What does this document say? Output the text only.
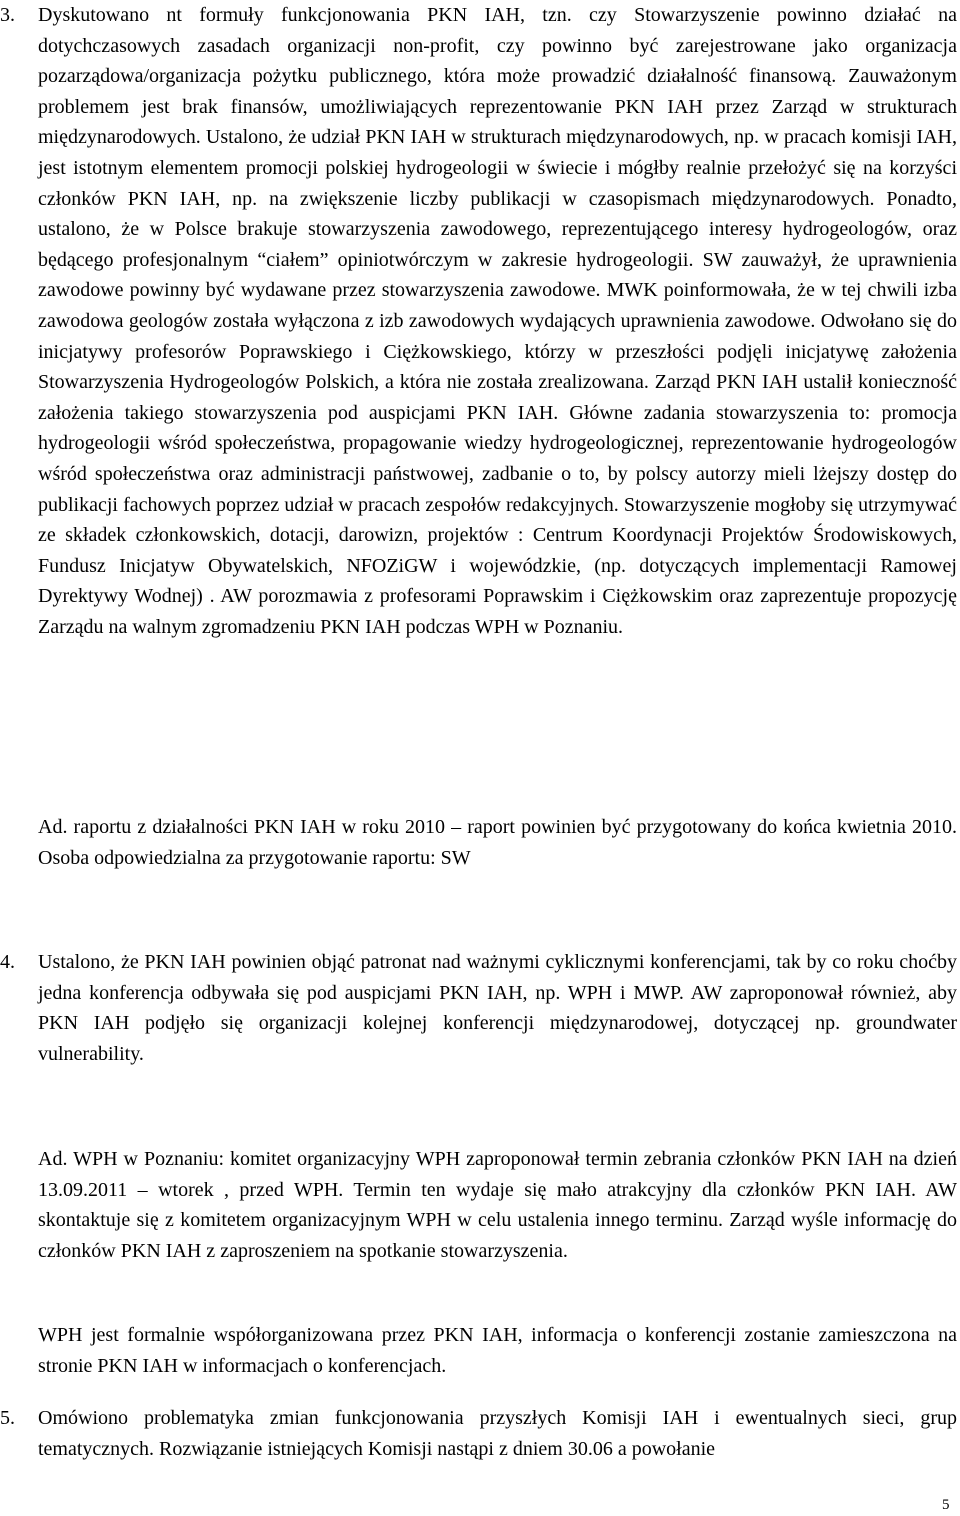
3.	Dyskutowano nt formuły funkcjonowania PKN IAH, tzn. czy Stowarzyszenie powinno działać na dotychczasowych zasadach organizacji non-profit, czy powinno być zarejestrowane jako organizacja pozarządowa/organizacja pożytku publicznego, która może prowadzić działalność finansową. Zauważonym problemem jest brak finansów, umożliwiających reprezentowanie PKN IAH przez Zarząd w strukturach międzynarodowych. Ustalono, że udział PKN IAH w strukturach międzynarodowych, np. w pracach komisji IAH, jest istotnym elementem promocji polskiej hydrogeologii w świecie i mógłby realnie przełożyć się na korzyści członków PKN IAH, np. na zwiększenie liczby publikacji w czasopismach międzynarodowych. Ponadto, ustalono, że w Polsce brakuje stowarzyszenia zawodowego, reprezentującego interesy hydrogeologów, oraz będącego profesjonalnym “ciałem” opiniotwórczym w zakresie hydrogeologii. SW zauważył, że uprawnienia zawodowe powinny być wydawane przez stowarzyszenia zawodowe. MWK poinformowała, że w tej chwili izba zawodowa geologów została wyłączona z izb zawodowych wydających uprawnienia zawodowe. Odwołano się do inicjatywy profesorów Poprawskiego i Ciężkowskiego, którzy w przeszłości podjęli inicjatywę założenia Stowarzyszenia Hydrogeologów Polskich, a która nie została zrealizowana. Zarząd PKN IAH ustalił konieczność założenia takiego stowarzyszenia pod auspicjami PKN IAH. Główne zadania stowarzyszenia to: promocja hydrogeologii wśród społeczeństwa, propagowanie wiedzy hydrogeologicznej, reprezentowanie hydrogeologów wśród społeczeństwa oraz administracji państwowej, zadbanie o to, by polscy autorzy mieli lżejszy dostęp do publikacji fachowych poprzez udział w pracach zespołów redakcyjnych. Stowarzyszenie mogłoby się utrzymywać ze składek członkowskich, dotacji, darowizn, projektów : Centrum Koordynacji Projektów Środowiskowych, Fundusz Inicjatyw Obywatelskich, NFOZiGW i wojewódzkie, (np. dotyczących implementacji Ramowej Dyrektywy Wodnej) . AW porozmawia z profesorami Poprawskim i Ciężkowskim oraz zaprezentuje propozycję Zarządu na walnym zgromadzeniu PKN IAH podczas WPH w Poznaniu.

Ad. raportu z działalności PKN IAH w roku 2010 – raport powinien być przygotowany do końca kwietnia 2010. Osoba odpowiedzialna za przygotowanie raportu: SW

4.	Ustalono, że PKN IAH powinien objąć patronat nad ważnymi cyklicznymi konferencjami, tak by co roku choćby jedna konferencja odbywała się pod auspicjami PKN IAH, np. WPH i MWP. AW zaproponował również, aby PKN IAH podjęło się organizacji kolejnej konferencji międzynarodowej, dotyczącej np. groundwater vulnerability.

Ad. WPH w Poznaniu: komitet organizacyjny WPH zaproponował termin zebrania członków PKN IAH na dzień 13.09.2011 – wtorek , przed WPH. Termin ten wydaje się mało atrakcyjny dla członków PKN IAH. AW skontaktuje się z komitetem organizacyjnym WPH w celu ustalenia innego terminu. Zarząd wyśle informację do członków PKN IAH z zaproszeniem na spotkanie stowarzyszenia.

WPH jest formalnie współorganizowana przez PKN IAH, informacja o konferencji zostanie zamieszczona na stronie PKN IAH w informacjach o konferencjach.

5.	Omówiono problematyka zmian funkcjonowania przyszłych Komisji IAH i ewentualnych sieci, grup tematycznych. Rozwiązanie istniejących Komisji nastąpi z dniem 30.06 a powołanie

5
